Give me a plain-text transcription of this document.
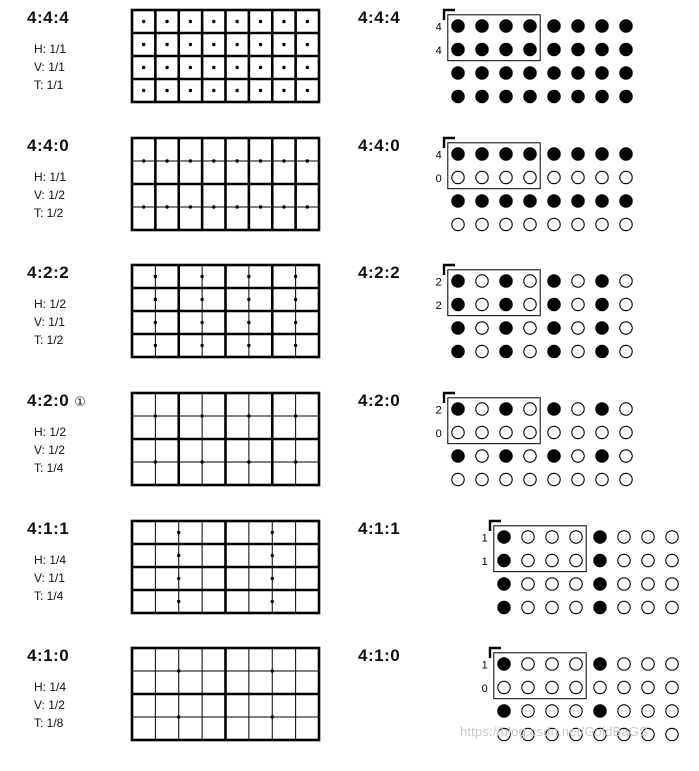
4:4:4
H: 1/1
V: 1/1
T: 1/1
4:4:4
4
4
4:4:0
H: 1/1
V: 1/2
T: 1/2
4:4:0
4
0
4:2:2
H: 1/2
V: 1/1
T: 1/2
4:2:2
2
2
4:2:0 ①
H: 1/2
V: 1/2
T: 1/4
4:2:0
2
0
4:1:1
H: 1/4
V: 1/1
T: 1/4
4:1:1
1
1
4:1:0
H: 1/4
V: 1/2
T: 1/8
4:1:0
1
0
https://blog.csdn.net/GoldBaGS
